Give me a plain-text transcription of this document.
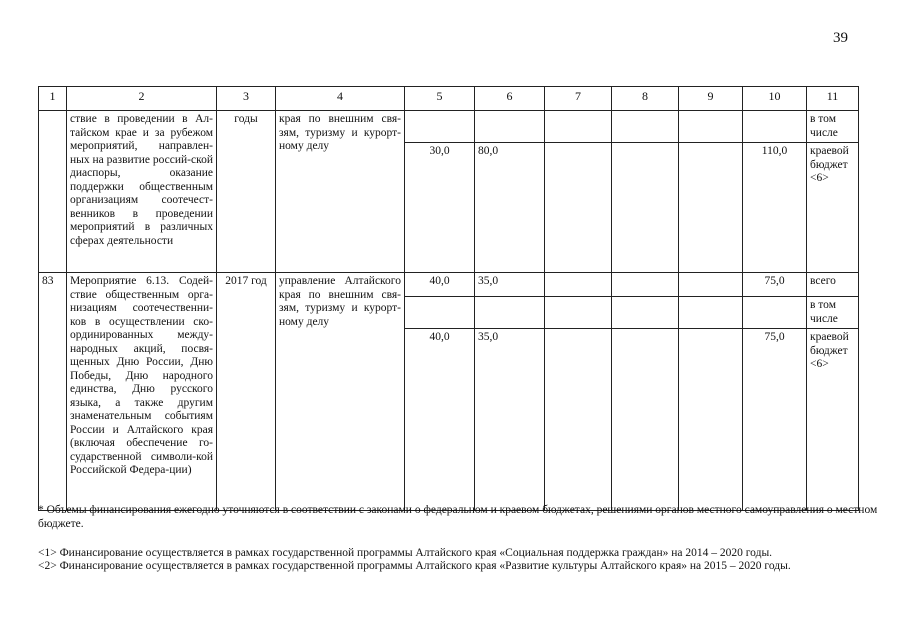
39
1	2	3	4	5	6	7	8	9	10	11
	ствие в проведении в Ал-тайском крае и за рубежом мероприятий, направлен-ных на развитие россий-ской диаспоры, оказание поддержки общественным организациям соотечест-венников в проведении мероприятий в различных сферах деятельности	годы	края по внешним свя-зям, туризму и курорт-ному делу							в том числе
				30,0	80,0				110,0	краевой бюджет <6>
83	Мероприятие 6.13. Содей-ствие общественным орга-низациям соотечественни-ков в осуществлении ско-ординированных между-народных акций, посвя-щенных Дню России, Дню Победы, Дню народного единства, Дню русского языка, а также другим знаменательным событиям России и Алтайского края (включая обеспечение го-сударственной символи-кой Российской Федера-ции)	2017 год	управление Алтайского края по внешним свя-зям, туризму и курорт-ному делу	40,0	35,0				75,0	всего
										в том числе
				40,0	35,0				75,0	краевой бюджет <6>
* Объемы финансирования ежегодно уточняются в соответствии с законами о федеральном и краевом бюджетах, решениями органов местного самоуправления о местном бюджете.
<1> Финансирование осуществляется в рамках государственной программы Алтайского края «Социальная поддержка граждан» на 2014 – 2020 годы.
<2> Финансирование осуществляется в рамках государственной программы Алтайского края «Развитие культуры Алтайского края» на 2015 – 2020 годы.
